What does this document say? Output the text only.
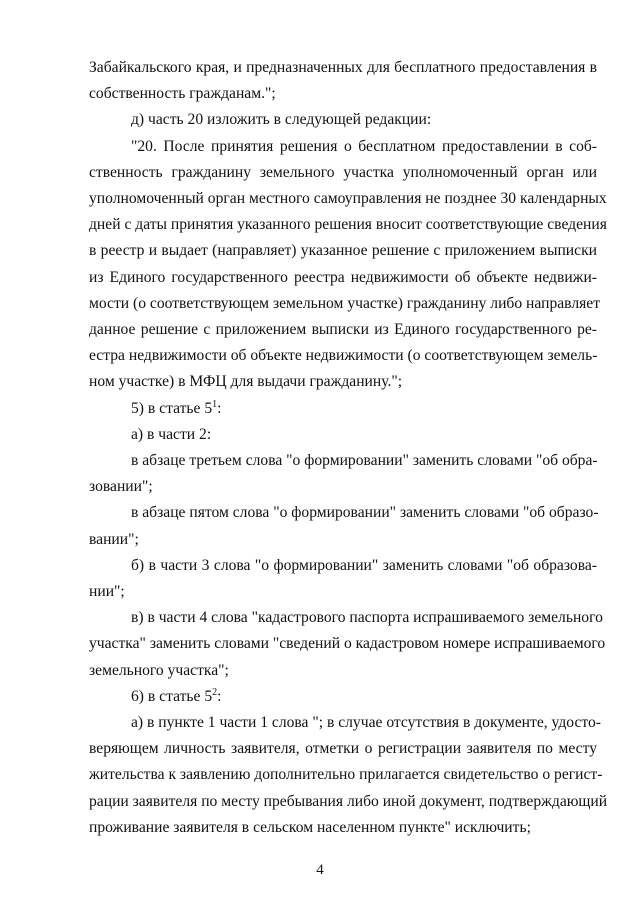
Забайкальского края, и предназначенных для бесплатного предоставления в
собственность гражданам.";
д) часть 20 изложить в следующей редакции:
"20. После принятия решения о бесплатном предоставлении в соб-
ственность гражданину земельного участка уполномоченный орган или
уполномоченный орган местного самоуправления не позднее 30 календарных
дней с даты принятия указанного решения вносит соответствующие сведения
в реестр и выдает (направляет) указанное решение с приложением выписки
из Единого государственного реестра недвижимости об объекте недвижи-
мости (о соответствующем земельном участке) гражданину либо направляет
данное решение с приложением выписки из Единого государственного ре-
естра недвижимости об объекте недвижимости (о соответствующем земель-
ном участке) в МФЦ для выдачи гражданину.";
5) в статье $5^1$:
а) в части 2:
в абзаце третьем слова "о формировании" заменить словами "об обра-
зовании";
в абзаце пятом слова "о формировании" заменить словами "об образо-
вании";
б) в части 3 слова "о формировании" заменить словами "об образова-
нии";
в) в части 4 слова "кадастрового паспорта испрашиваемого земельного
участка" заменить словами "сведений о кадастровом номере испрашиваемого
земельного участка";
6) в статье $5^2$:
а) в пункте 1 части 1 слова "; в случае отсутствия в документе, удосто-
веряющем личность заявителя, отметки о регистрации заявителя по месту
жительства к заявлению дополнительно прилагается свидетельство о регист-
рации заявителя по месту пребывания либо иной документ, подтверждающий
проживание заявителя в сельском населенном пункте" исключить;
4
